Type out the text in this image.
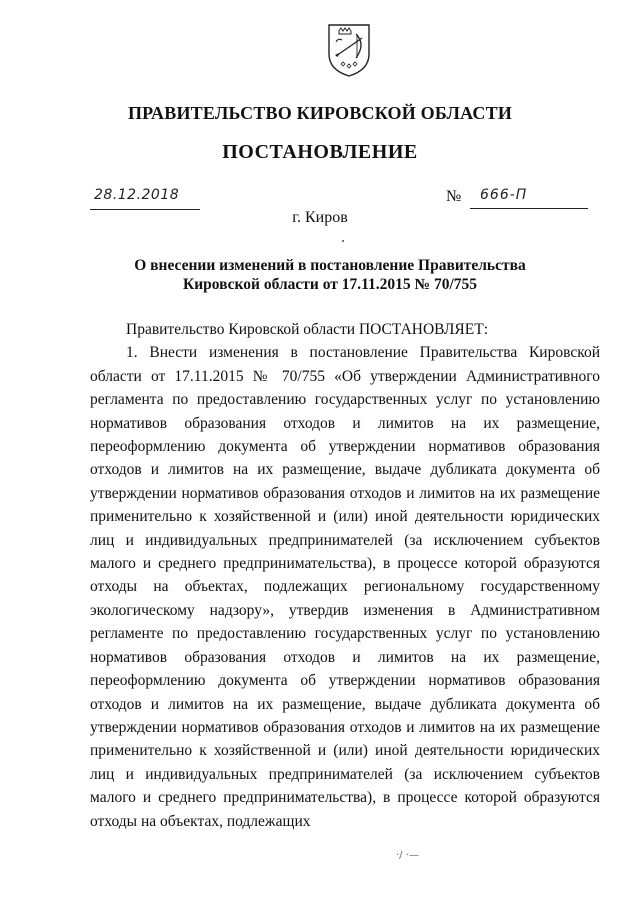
ПРАВИТЕЛЬСТВО КИРОВСКОЙ ОБЛАСТИ
ПОСТАНОВЛЕНИЕ
28.12.2018	№ 666-П
г. Киров
О внесении изменений в постановление Правительства
Кировской области от 17.11.2015 № 70/755

Правительство Кировской области ПОСТАНОВЛЯЕТ:

1. Внести изменения в постановление Правительства Кировской области от 17.11.2015 № 70/755 «Об утверждении Административного регламента по предоставлению государственных услуг по установлению нормативов образования отходов и лимитов на их размещение, переоформлению документа об утверждении нормативов образования отходов и лимитов на их размещение, выдаче дубликата документа об утверждении нормативов образования отходов и лимитов на их размещение применительно к хозяйственной и (или) иной деятельности юридических лиц и индивидуальных предпринимателей (за исключением субъектов малого и среднего предпринимательства), в процессе которой образуются отходы на объектах, подлежащих региональному государственному экологическому надзору», утвердив изменения в Административном регламенте по предоставлению государственных услуг по установлению нормативов образования отходов и лимитов на их размещение, переоформлению документа об утверждении нормативов образования отходов и лимитов на их размещение, выдаче дубликата документа об утверждении нормативов образования отходов и лимитов на их размещение применительно к хозяйственной и (или) иной деятельности юридических лиц и индивидуальных предпринимателей (за исключением субъектов малого и среднего предпринимательства), в процессе которой образуются отходы на объектах, подлежащих

·/ ·—
